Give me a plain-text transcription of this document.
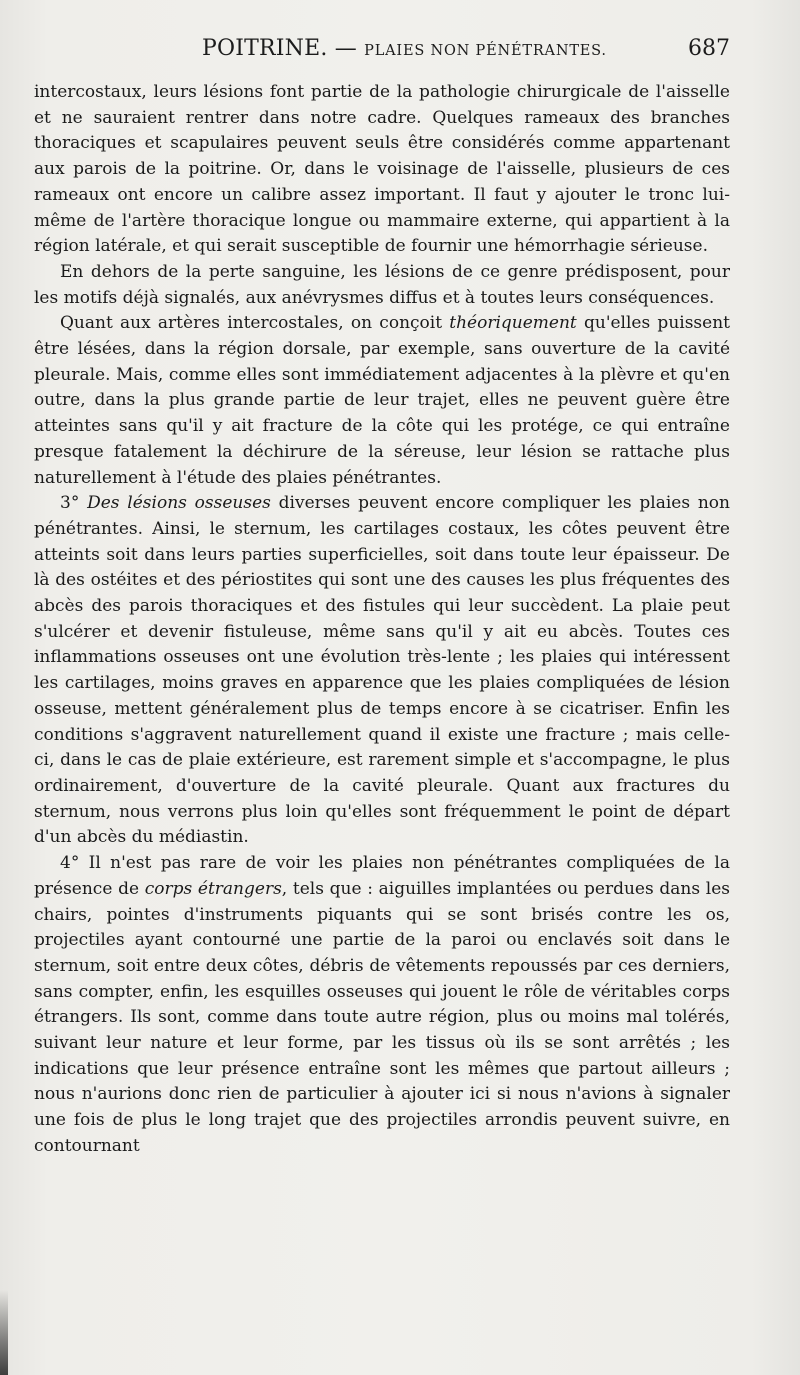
POITRINE. — PLAIES NON PÉNÉTRANTES.	687

intercostaux, leurs lésions font partie de la pathologie chirurgicale de l'aisselle et ne sauraient rentrer dans notre cadre. Quelques rameaux des branches thoraciques et scapulaires peuvent seuls être considérés comme appartenant aux parois de la poitrine. Or, dans le voisinage de l'aisselle, plusieurs de ces rameaux ont encore un calibre assez important. Il faut y ajouter le tronc lui-même de l'artère thoracique longue ou mammaire externe, qui appartient à la région latérale, et qui serait susceptible de fournir une hémorrhagie sérieuse.

En dehors de la perte sanguine, les lésions de ce genre prédisposent, pour les motifs déjà signalés, aux anévrysmes diffus et à toutes leurs conséquences.

Quant aux artères intercostales, on conçoit théoriquement qu'elles puissent être lésées, dans la région dorsale, par exemple, sans ouverture de la cavité pleurale. Mais, comme elles sont immédiatement adjacentes à la plèvre et qu'en outre, dans la plus grande partie de leur trajet, elles ne peuvent guère être atteintes sans qu'il y ait fracture de la côte qui les protége, ce qui entraîne presque fatalement la déchirure de la séreuse, leur lésion se rattache plus naturellement à l'étude des plaies pénétrantes.

3° Des lésions osseuses diverses peuvent encore compliquer les plaies non pénétrantes. Ainsi, le sternum, les cartilages costaux, les côtes peuvent être atteints soit dans leurs parties superficielles, soit dans toute leur épaisseur. De là des ostéites et des périostites qui sont une des causes les plus fréquentes des abcès des parois thoraciques et des fistules qui leur succèdent. La plaie peut s'ulcérer et devenir fistuleuse, même sans qu'il y ait eu abcès. Toutes ces inflammations osseuses ont une évolution très-lente ; les plaies qui intéressent les cartilages, moins graves en apparence que les plaies compliquées de lésion osseuse, mettent généralement plus de temps encore à se cicatriser. Enfin les conditions s'aggravent naturellement quand il existe une fracture ; mais celle-ci, dans le cas de plaie extérieure, est rarement simple et s'accompagne, le plus ordinairement, d'ouverture de la cavité pleurale. Quant aux fractures du sternum, nous verrons plus loin qu'elles sont fréquemment le point de départ d'un abcès du médiastin.

4° Il n'est pas rare de voir les plaies non pénétrantes compliquées de la présence de corps étrangers, tels que : aiguilles implantées ou perdues dans les chairs, pointes d'instruments piquants qui se sont brisés contre les os, projectiles ayant contourné une partie de la paroi ou enclavés soit dans le sternum, soit entre deux côtes, débris de vêtements repoussés par ces derniers, sans compter, enfin, les esquilles osseuses qui jouent le rôle de véritables corps étrangers. Ils sont, comme dans toute autre région, plus ou moins mal tolérés, suivant leur nature et leur forme, par les tissus où ils se sont arrêtés ; les indications que leur présence entraîne sont les mêmes que partout ailleurs ; nous n'aurions donc rien de particulier à ajouter ici si nous n'avions à signaler une fois de plus le long trajet que des projectiles arrondis peuvent suivre, en contournant
